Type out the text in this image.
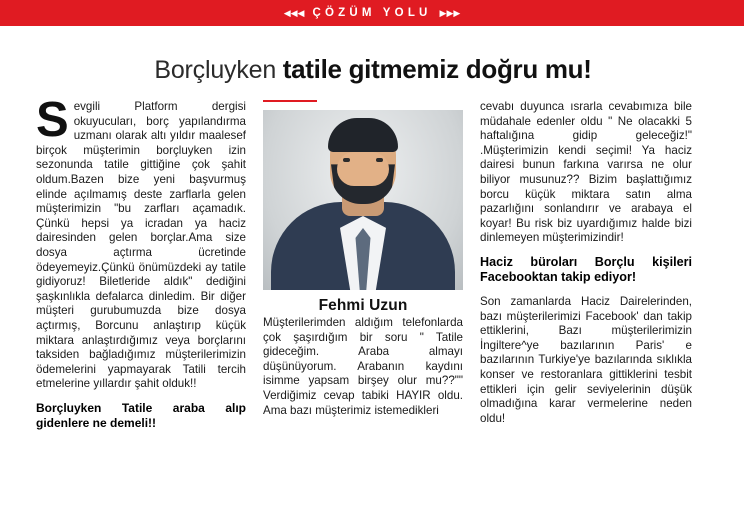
◀◀◀ ÇÖZÜM YOLU ▶▶▶
Borçluyken tatile gitmemiz doğru mu!

Sevgili Platform dergisi okuyucuları, borç yapılandırma uzmanı olarak altı yıldır maalesef birçok müşterimin borçluyken izin sezonunda tatile gittiğine çok şahit oldum.Bazen bize yeni başvurmuş elinde açılmamış deste zarflarla gelen müşterimizin "bu zarfları açamadık. Çünkü hepsi ya icradan ya haciz dairesinden gelen borçlar.Ama size dosya açtırma ücretinde ödeyemeyiz.Çünkü önümüzdeki ay tatile gidiyoruz! Biletleride aldık" dediğini şaşkınlıkla defalarca dinledim. Bir diğer müşteri gurubumuzda bize dosya açtırmış, Borcunu anlaştırıp küçük miktara anlaştırdığımız veya borçlarını taksiden bağladığımız müşterilerimizin ödemelerini yapmayarak Tatili tercih etmelerine yıllardır şahit olduk!!

Borçluyken Tatile araba alıp gidenlere ne demeli!!

Fehmi Uzun

Müşterilerimden aldığım telefonlarda çok şaşırdığım bir soru " Tatile gideceğim. Araba almayı düşünüyorum. Arabanın kaydını isimme yapsam birşey olur mu??"" Verdiğimiz cevap tabiki HAYIR oldu. Ama bazı müşterimiz istemedikleri

cevabı duyunca ısrarla cevabımıza bile müdahale edenler oldu " Ne olacakki 5 haftalığına gidip geleceğiz!" .Müşterimizin kendi seçimi! Ya haciz dairesi bunun farkına varırsa ne olur biliyor musunuz?? Bizim başlattığımız borcu küçük miktara satın alma pazarlığını sonlandırır ve arabaya el koyar! Bu risk biz uyardığımız halde bizi dinlemeyen müşterimizindir!

Haciz büroları Borçlu kişileri Facebooktan takip ediyor!

Son zamanlarda Haciz Dairelerinden, bazı müşterilerimizi Facebook' dan takip ettiklerini, Bazı müşterilerimizin İngiltere^ye bazılarının Paris' e bazılarının Turkiye'ye bazılarında sıklıkla konser ve restoranlara gittiklerini tesbit ettikleri için gelir seviyelerinin düşük olmadığına karar vermelerine neden oldu!
